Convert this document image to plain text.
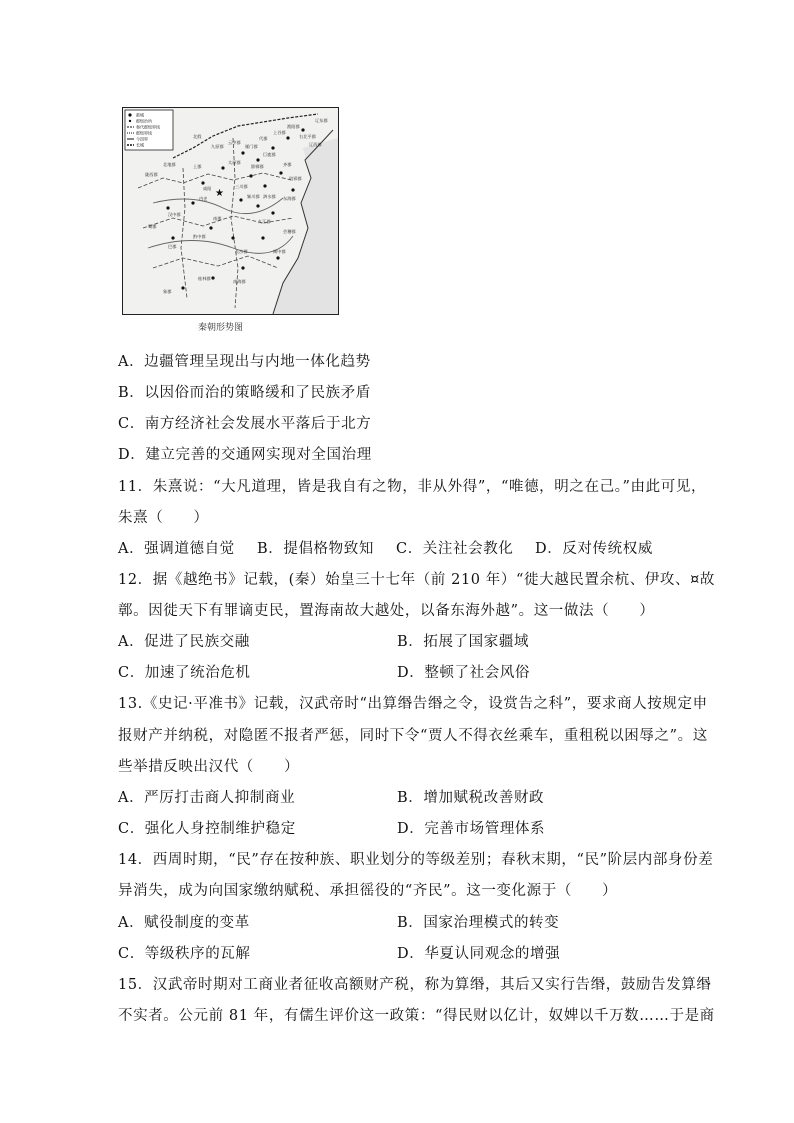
都城
郡级治所
秦代郡级界线
郡级界线
今国界
长城
★
北假
九原郡
云中郡
雁门郡
代郡
上谷郡
渔阳郡
右北平郡
辽西郡
辽东郡
陇西郡
北地郡	上郡
太原郡
咸阳
内史
三川郡
颍川郡
邯郸郡
巨鹿郡
齐郡
琅邪郡
东海郡
泗水郡
会稽郡
九江郡
巴郡
蜀郡
汉中郡
南郡
长沙郡
黔中郡
象郡
桂林郡
南海郡
闽中郡
秦朝形势图
A．边疆管理呈现出与内地一体化趋势
B．以因俗而治的策略缓和了民族矛盾
C．南方经济社会发展水平落后于北方
D．建立完善的交通网实现对全国治理
11．朱熹说：“大凡道理，皆是我自有之物，非从外得”，“唯德，明之在己。”由此可见，
朱熹（　　）
A．强调道德自觉 B．提倡格物致知 C．关注社会教化 D．反对传统权威
12．据《越绝书》记载，(秦）始皇三十七年（前 210 年）“徙大越民置余杭、伊攻、¤故
鄣。因徙天下有罪谪吏民，置海南故大越处，以备东海外越”。这一做法（　　）
A．促进了民族交融	B．拓展了国家疆域
C．加速了统治危机	D．整顿了社会风俗
13.《史记·平准书》记载，汉武帝时“出算缗告缗之令，设赏告之科”，要求商人按规定申
报财产并纳税，对隐匿不报者严惩，同时下令“贾人不得衣丝乘车，重租税以困辱之”。这
些举措反映出汉代（　　）
A．严厉打击商人抑制商业	B．增加赋税改善财政
C．强化人身控制维护稳定	D．完善市场管理体系
14．西周时期，“民”存在按种族、职业划分的等级差别；春秋末期，“民”阶层内部身份差
异消失，成为向国家缴纳赋税、承担徭役的“齐民”。这一变化源于（　　）
A．赋役制度的变革	B．国家治理模式的转变
C．等级秩序的瓦解	D．华夏认同观念的增强
15．汉武帝时期对工商业者征收高额财产税，称为算缗，其后又实行告缗，鼓励告发算缗
不实者。公元前 81 年，有儒生评价这一政策：“得民财以亿计，奴婢以千万数……于是商
